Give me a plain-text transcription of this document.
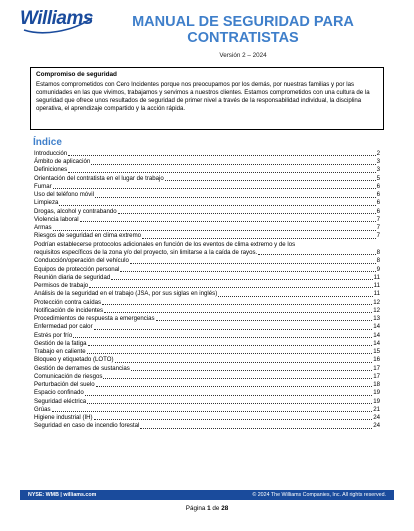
Williams	MANUAL DE SEGURIDAD PARA CONTRATISTAS
Versión 2 – 2024
Compromiso de seguridad
Estamos comprometidos con Cero Incidentes porque nos preocupamos por los demás, por nuestras familias y por las comunidades en las que vivimos, trabajamos y servimos a nuestros clientes. Estamos comprometidos con una cultura de la seguridad que ofrece unos resultados de seguridad de primer nivel a través de la responsabilidad individual, la disciplina operativa, el aprendizaje compartido y la acción rápida.
Índice
Introducción	2
Ámbito de aplicación	3
Definiciones	3
Orientación del contratista en el lugar de trabajo	5
Fumar	6
Uso del teléfono móvil	6
Limpieza	6
Drogas, alcohol y contrabando	6
Violencia laboral	7
Armas	7
Riesgos de seguridad en clima extremo	7
Podrían establecerse protocolos adicionales en función de los eventos de clima extremo y de los
requisitos específicos de la zona y/o del proyecto, sin limitarse a la caída de rayos.	8
Conducción/operación del vehículo	8
Equipos de protección personal	9
Reunión diaria de seguridad	11
Permisos de trabajo	11
Análisis de la seguridad en el trabajo (JSA, por sus siglas en inglés)	11
Protección contra caídas	12
Notificación de incidentes	12
Procedimientos de respuesta a emergencias	13
Enfermedad por calor	14
Estrés por frío	14
Gestión de la fatiga	14
Trabajo en caliente	15
Bloqueo y etiquetado (LOTO)	16
Gestión de derrames de sustancias	17
Comunicación de riesgos	17
Perturbación del suelo	18
Espacio confinado	19
Seguridad eléctrica	19
Grúas	21
Higiene industrial (IH)	24
Seguridad en caso de incendio forestal	24
NYSE: WMB | williams.com	© 2024 The Williams Companies, Inc. All rights reserved.
Página 1 de 28
